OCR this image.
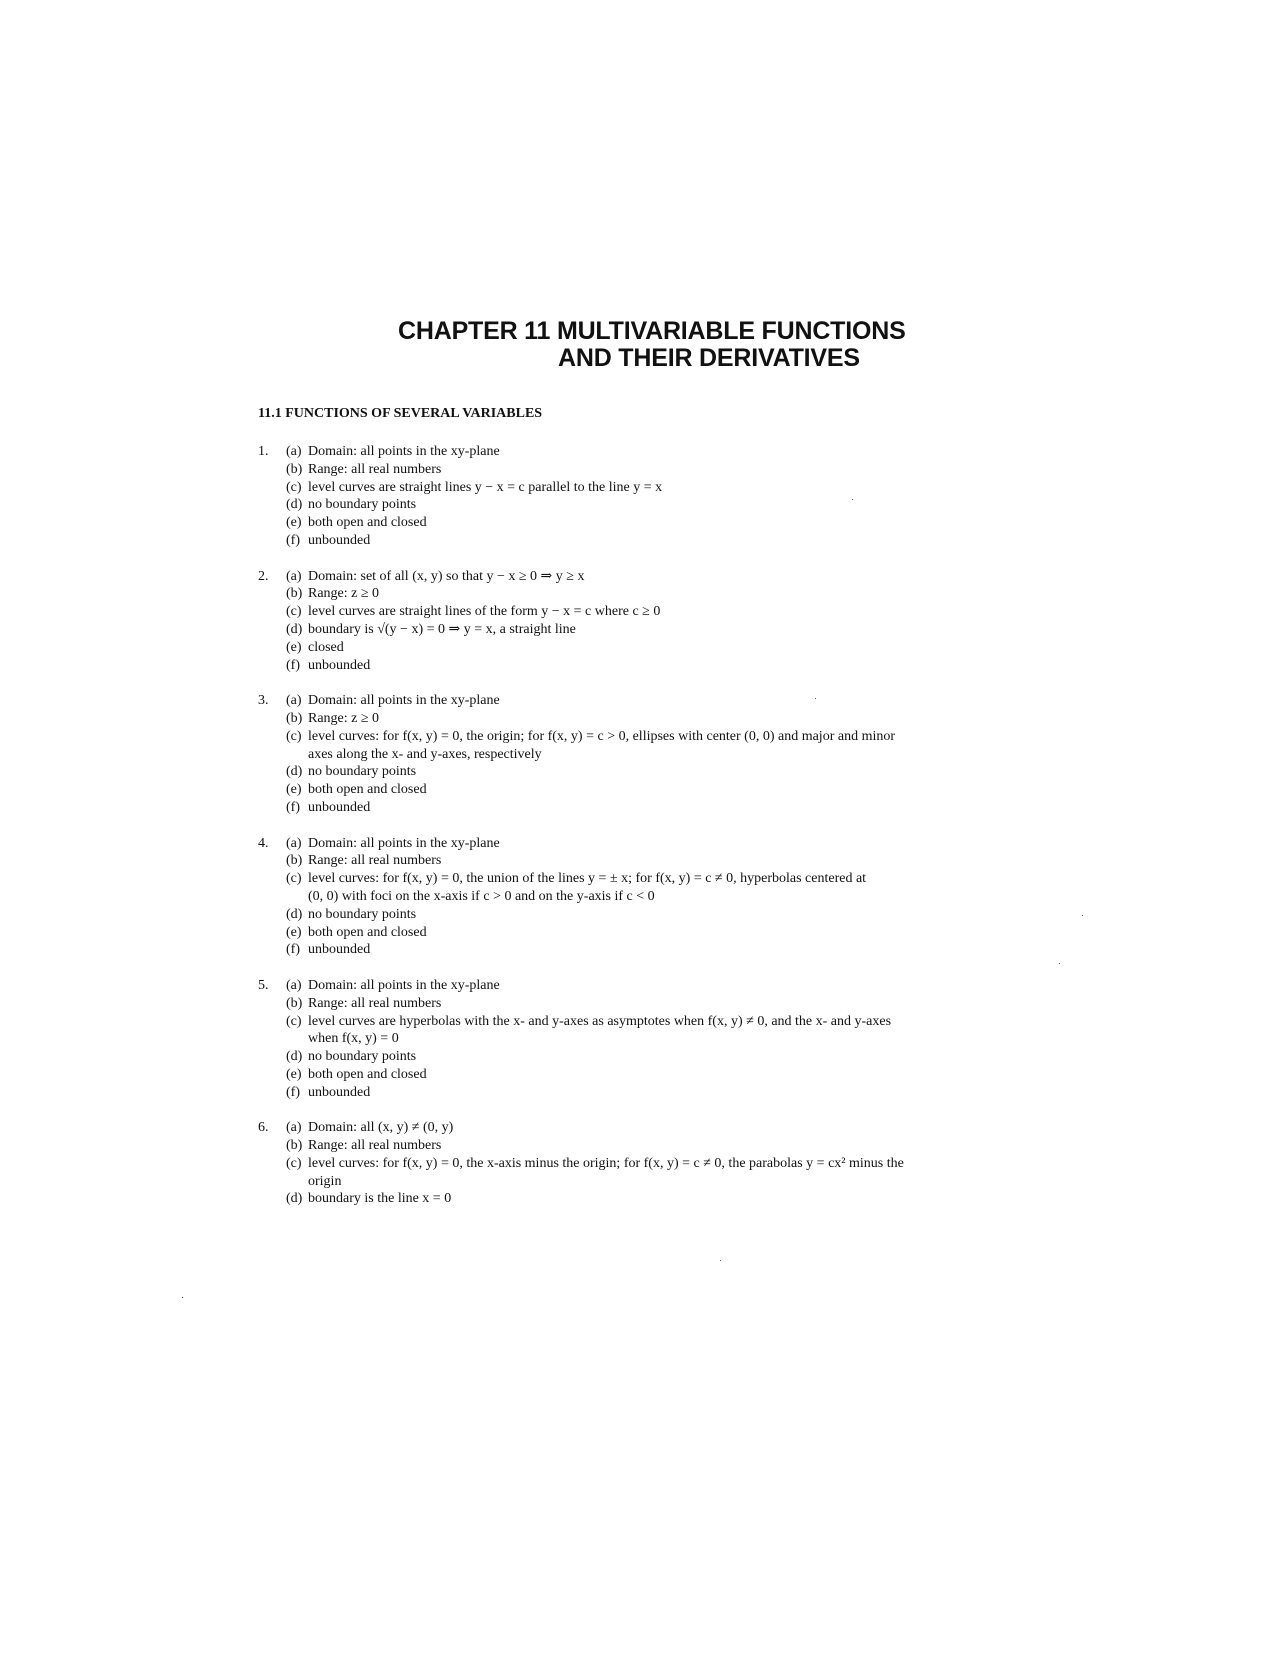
CHAPTER 11 MULTIVARIABLE FUNCTIONS
AND THEIR DERIVATIVES
11.1 FUNCTIONS OF SEVERAL VARIABLES
1.	(a) Domain: all points in the xy-plane
(b) Range: all real numbers
(c) level curves are straight lines y − x = c parallel to the line y = x
(d) no boundary points
(e) both open and closed
(f) unbounded
2.	(a) Domain: set of all (x, y) so that y − x ≥ 0 ⇒ y ≥ x
(b) Range: z ≥ 0
(c) level curves are straight lines of the form y − x = c where c ≥ 0
(d) boundary is √(y − x) = 0 ⇒ y = x, a straight line
(e) closed
(f) unbounded
3.	(a) Domain: all points in the xy-plane
(b) Range: z ≥ 0
(c) level curves: for f(x, y) = 0, the origin; for f(x, y) = c > 0, ellipses with center (0, 0) and major and minor
axes along the x- and y-axes, respectively
(d) no boundary points
(e) both open and closed
(f) unbounded
4.	(a) Domain: all points in the xy-plane
(b) Range: all real numbers
(c) level curves: for f(x, y) = 0, the union of the lines y = ± x; for f(x, y) = c ≠ 0, hyperbolas centered at
(0, 0) with foci on the x-axis if c > 0 and on the y-axis if c < 0
(d) no boundary points
(e) both open and closed
(f) unbounded
5.	(a) Domain: all points in the xy-plane
(b) Range: all real numbers
(c) level curves are hyperbolas with the x- and y-axes as asymptotes when f(x, y) ≠ 0, and the x- and y-axes
when f(x, y) = 0
(d) no boundary points
(e) both open and closed
(f) unbounded
6.	(a) Domain: all (x, y) ≠ (0, y)
(b) Range: all real numbers
(c) level curves: for f(x, y) = 0, the x-axis minus the origin; for f(x, y) = c ≠ 0, the parabolas y = cx² minus the
origin
(d) boundary is the line x = 0
